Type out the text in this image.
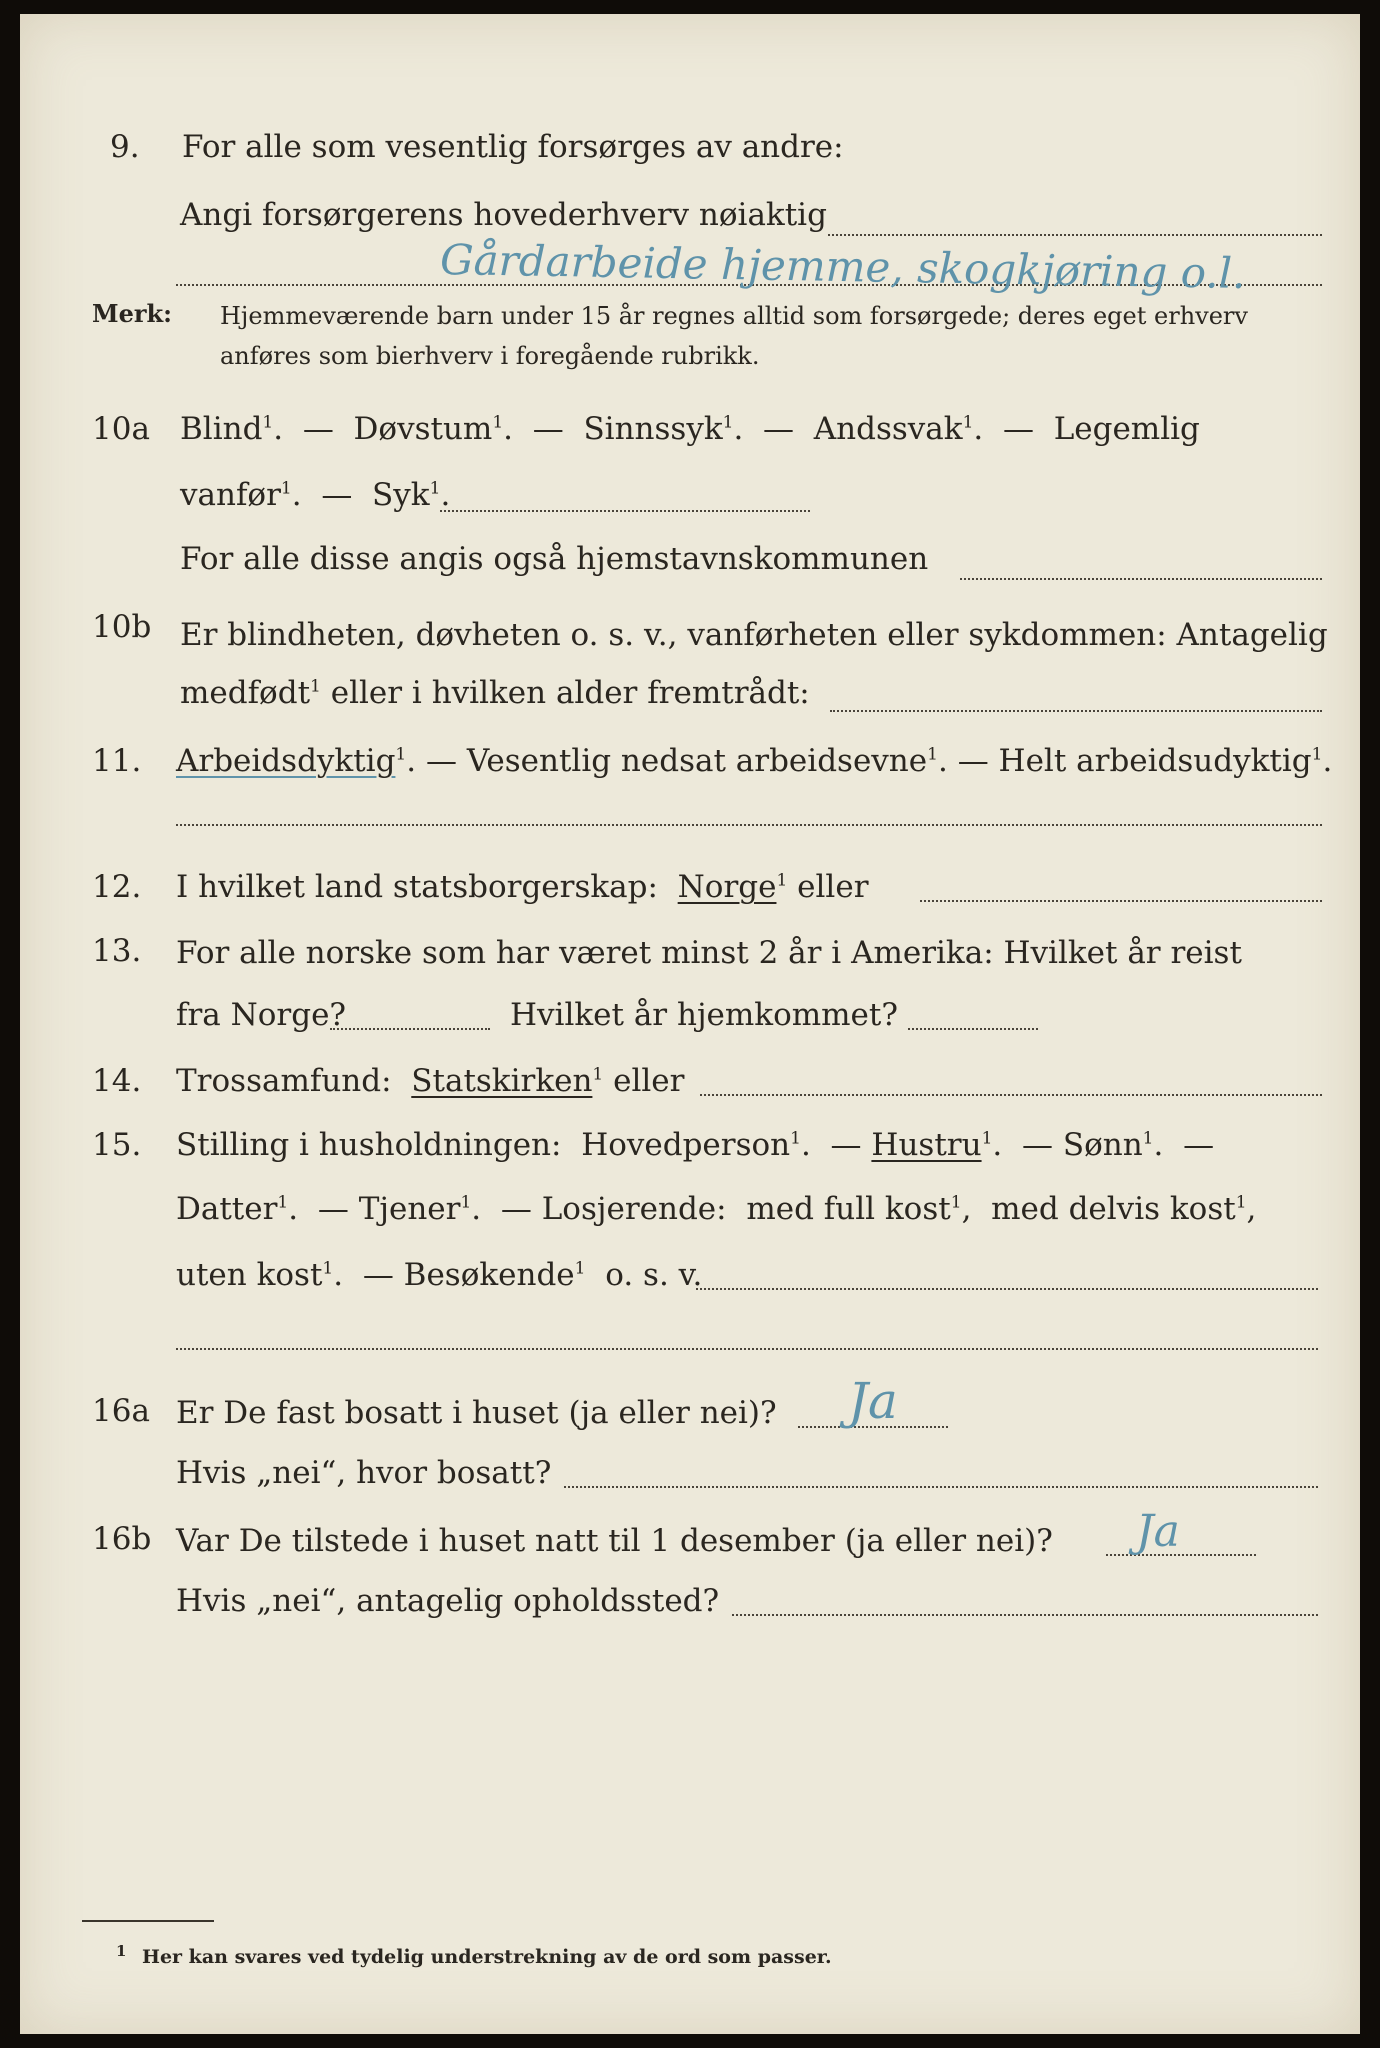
9. For alle som vesentlig forsørges av andre:
Angi forsørgerens hovederhverv nøiaktig
Gårdarbeide hjemme, skogkjøring o.l.
Merk: Hjemmeværende barn under 15 år regnes alltid som forsørgede; deres eget erhverv
anføres som bierhverv i foregående rubrikk.
10a Blind$^1$.  —  Døvstum$^1$.  —  Sinnssyk$^1$.  —  Andssvak$^1$.  —  Legemlig
vanfør$^1$.  —  Syk$^1$.
For alle disse angis også hjemstavnskommunen
10b Er blindheten, døvheten o. s. v., vanførheten eller sykdommen: Antagelig
medfødt$^1$ eller i hvilken alder fremtrådt:
11. Arbeidsdyktig$^1$. — Vesentlig nedsat arbeidsevne$^1$. — Helt arbeidsudyktig$^1$.
12. I hvilket land statsborgerskap: Norge$^1$ eller
13. For alle norske som har været minst 2 år i Amerika: Hvilket år reist
fra Norge?	Hvilket år hjemkommet?
14. Trossamfund: Statskirken$^1$ eller
15. Stilling i husholdningen: Hovedperson$^1$.  — Hustru$^1$.  — Sønn$^1$.  —
Datter$^1$.  — Tjener$^1$.  — Losjerende: med full kost$^1$, med delvis kost$^1$,
uten kost$^1$.  — Besøkende$^1$ o. s. v.
16a Er De fast bosatt i huset (ja eller nei)? Ja
Hvis „nei“, hvor bosatt?
16b Var De tilstede i huset natt til 1 desember (ja eller nei)? Ja
Hvis „nei“, antagelig opholdssted?
1 Her kan svares ved tydelig understrekning av de ord som passer.
